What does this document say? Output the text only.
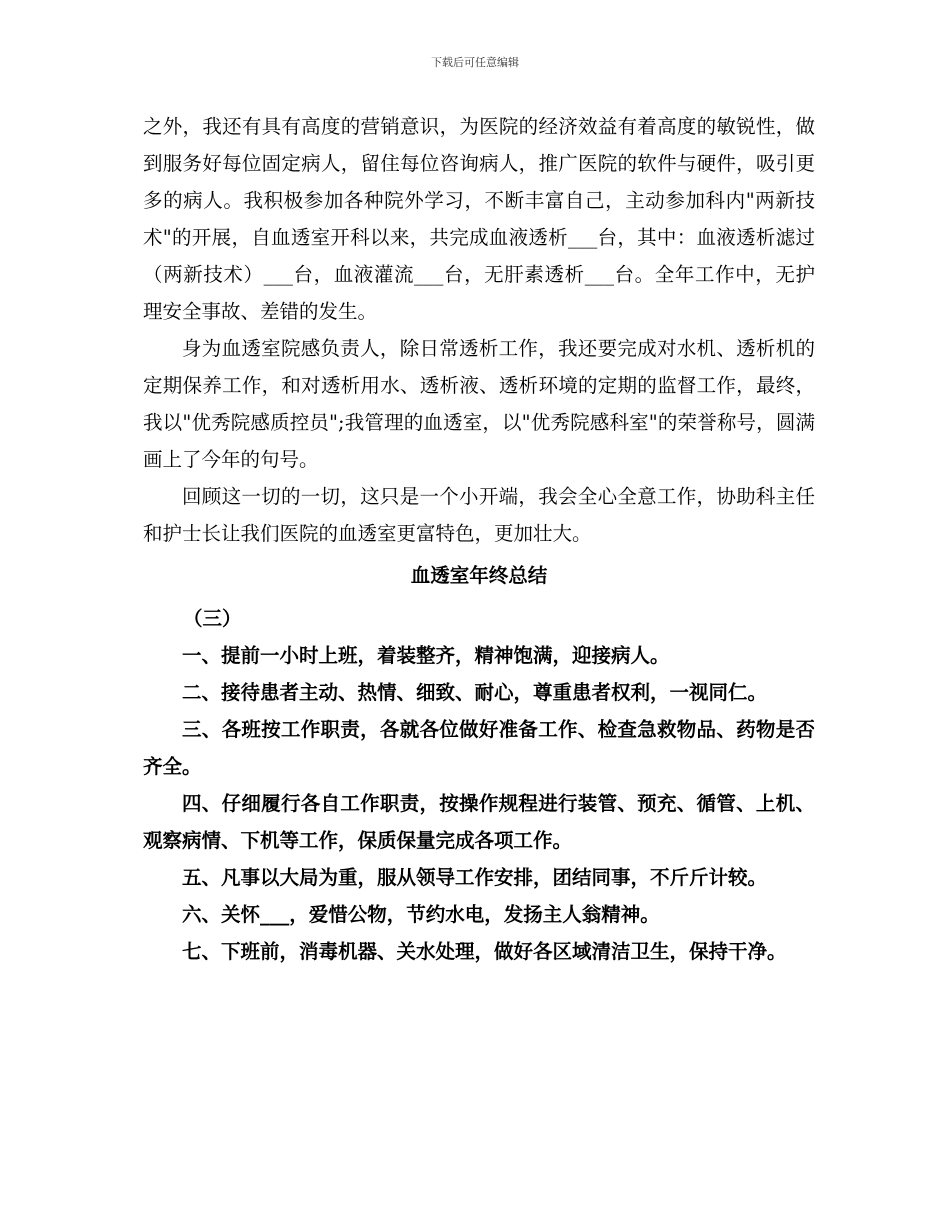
下载后可任意编辑

之外，我还有具有高度的营销意识，为医院的经济效益有着高度的敏锐性，做到服务好每位固定病人，留住每位咨询病人，推广医院的软件与硬件，吸引更多的病人。我积极参加各种院外学习，不断丰富自己，主动参加科内"两新技术"的开展，自血透室开科以来，共完成血液透析___台，其中：血液透析滤过（两新技术）___台，血液灌流___台，无肝素透析___台。全年工作中，无护理安全事故、差错的发生。

身为血透室院感负责人，除日常透析工作，我还要完成对水机、透析机的定期保养工作，和对透析用水、透析液、透析环境的定期的监督工作，最终，我以"优秀院感质控员";我管理的血透室，以"优秀院感科室"的荣誉称号，圆满画上了今年的句号。

回顾这一切的一切，这只是一个小开端，我会全心全意工作，协助科主任和护士长让我们医院的血透室更富特色，更加壮大。

血透室年终总结

（三）

一、提前一小时上班，着装整齐，精神饱满，迎接病人。

二、接待患者主动、热情、细致、耐心，尊重患者权利，一视同仁。

三、各班按工作职责，各就各位做好准备工作、检查急救物品、药物是否齐全。

四、仔细履行各自工作职责，按操作规程进行装管、预充、循管、上机、观察病情、下机等工作，保质保量完成各项工作。

五、凡事以大局为重，服从领导工作安排，团结同事，不斤斤计较。

六、关怀___，爱惜公物，节约水电，发扬主人翁精神。

七、下班前，消毒机器、关水处理，做好各区域清洁卫生，保持干净。
